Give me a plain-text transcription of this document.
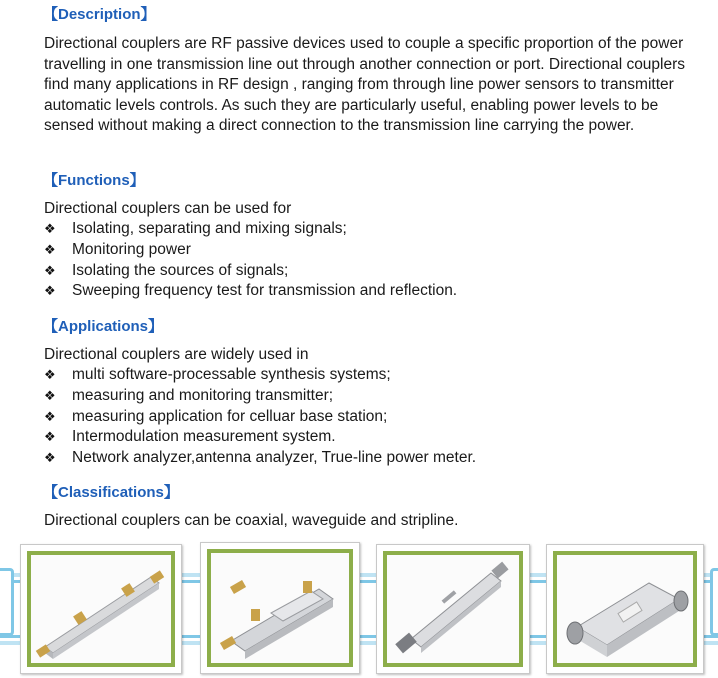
【Description】

Directional couplers are RF passive devices used to couple a specific proportion of the power travelling in one transmission line out through another connection or port. Directional couplers find many applications in RF design , ranging from through line power sensors to transmitter automatic levels controls. As such they are particularly useful, enabling power levels to be sensed without making a direct connection to the transmission line carrying the power.

【Functions】
Directional couplers can be used for
❖ Isolating, separating and mixing signals;
❖ Monitoring power
❖ Isolating the sources of signals;
❖ Sweeping frequency test for transmission and reflection.
【Applications】
Directional couplers are widely used in
❖ multi software-processable synthesis systems;
❖ measuring and monitoring transmitter;
❖ measuring application for celluar base station;
❖ Intermodulation measurement system.
❖ Network analyzer,antenna analyzer, True-line power meter.
【Classifications】
Directional couplers can be coaxial, waveguide and stripline.
